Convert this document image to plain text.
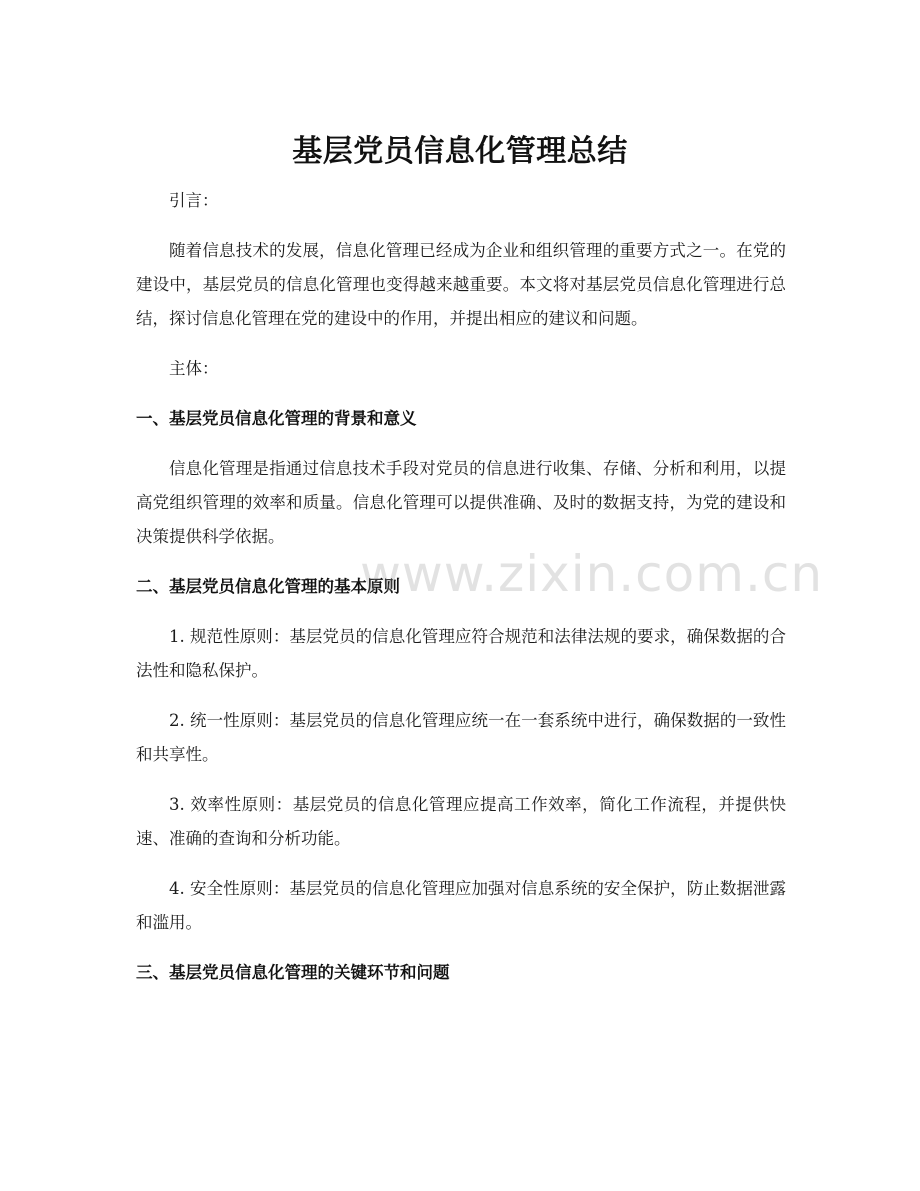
基层党员信息化管理总结

引言：

随着信息技术的发展，信息化管理已经成为企业和组织管理的重要方式之一。在党的建设中，基层党员的信息化管理也变得越来越重要。本文将对基层党员信息化管理进行总结，探讨信息化管理在党的建设中的作用，并提出相应的建议和问题。

主体：

一、基层党员信息化管理的背景和意义

信息化管理是指通过信息技术手段对党员的信息进行收集、存储、分析和利用，以提高党组织管理的效率和质量。信息化管理可以提供准确、及时的数据支持，为党的建设和决策提供科学依据。

二、基层党员信息化管理的基本原则

1. 规范性原则：基层党员的信息化管理应符合规范和法律法规的要求，确保数据的合法性和隐私保护。

2. 统一性原则：基层党员的信息化管理应统一在一套系统中进行，确保数据的一致性和共享性。

3. 效率性原则：基层党员的信息化管理应提高工作效率，简化工作流程，并提供快速、准确的查询和分析功能。

4. 安全性原则：基层党员的信息化管理应加强对信息系统的安全保护，防止数据泄露和滥用。

三、基层党员信息化管理的关键环节和问题
www.zixin.com.cn
